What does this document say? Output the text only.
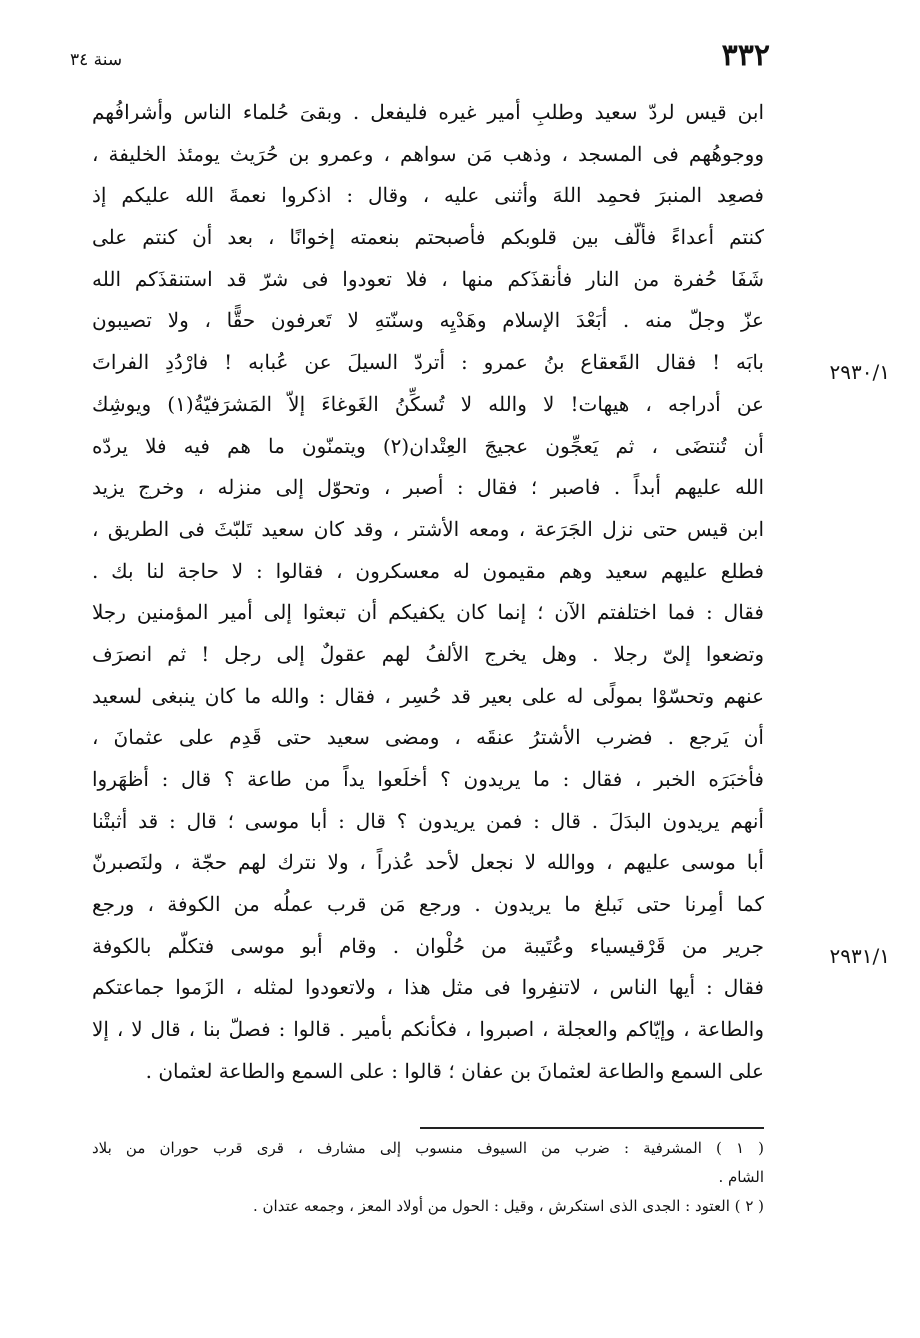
٣٣٢
سنة ٣٤
٢٩٣٠/١
٢٩٣١/١
ابن قيس لردّ سعيد وطلبِ أمير غيره فليفعل . وبقىَ حُلماء الناس وأشرافُهم
ووجوهُهم فى المسجد ، وذهب مَن سواهم ، وعمرو بن حُرَيث يومئذ الخليفة ،
فصعِد المنبرَ فحمِد اللهَ وأثنى عليه ، وقال : اذكروا نعمةَ الله عليكم إذ
كنتم أعداءً فألّف بين قلوبكم فأصبحتم بنعمته إخوانًا ، بعد أن كنتم على
شَفَا حُفرة من النار فأنقذَكم منها ، فلا تعودوا فى شرّ قد استنقذَكم الله
عزّ وجلّ منه . أبَعْدَ الإسلام وهَدْيِه وسنّتهِ لا تَعرفون حقًّا ، ولا تصيبون
بابَه ! فقال القَعقاع بنُ عمرو : أتردّ السيلَ عن عُبابه ! فارْدُدِ الفراتَ
عن أدراجه ، هيهات! لا والله لا تُسكِّنُ الغَوغاءَ إلاّ المَشرَفيّةُ(١) ويوشِك
أن تُنتضَى ، ثم يَعجِّون عجيجَ العِتْدان(٢) ويتمنّون ما هم فيه فلا يردّه
الله عليهم أبداً . فاصبر ؛ فقال : أصبر ، وتحوّل إلى منزله ، وخرج يزيد
ابن قيس حتى نزل الجَرَعة ، ومعه الأشتر ، وقد كان سعيد تَلبّثَ فى الطريق ،
فطلع عليهم سعيد وهم مقيمون له معسكرون ، فقالوا : لا حاجة لنا بك .
فقال : فما اختلفتم الآن ؛ إنما كان يكفيكم أن تبعثوا إلى أمير المؤمنين رجلا
وتضعوا إلىّ رجلا . وهل يخرج الألفُ لهم عقولٌ إلى رجل ! ثم انصرَف
عنهم وتحسّوْا بمولًى له على بعير قد حُسِر ، فقال : والله ما كان ينبغى لسعيد
أن يَرجع . فضرب الأشترُ عنقَه ، ومضى سعيد حتى قَدِم على عثمانَ ،
فأخبَرَه الخبر ، فقال : ما يريدون ؟ أخلَعوا يداً من طاعة ؟ قال : أظهَروا
أنهم يريدون البدَلَ . قال : فمن يريدون ؟ قال : أبا موسى ؛ قال : قد أثبتْنا
أبا موسى عليهم ، ووالله لا نجعل لأحد عُذراً ، ولا نترك لهم حجّة ، ولنَصبرنّ
كما أمِرنا حتى نَبلغ ما يريدون . ورجع مَن قرب عملُه من الكوفة ، ورجع
جرير من قَرْقيسياء وعُتَيبة من حُلْوان . وقام أبو موسى فتكلّم بالكوفة
فقال : أيها الناس ، لاتنفِروا فى مثل هذا ، ولاتعودوا لمثله ، الزَموا جماعتكم
والطاعة ، وإيّاكم والعجلة ، اصبروا ، فكأنكم بأمير . قالوا : فصلّ بنا ، قال لا ، إلا
على السمع والطاعة لعثمانَ بن عفان ؛ قالوا : على السمع والطاعة لعثمان .
( ١ ) المشرفية : ضرب من السيوف منسوب إلى مشارف ، قرى قرب حوران من بلاد
الشام .
( ٢ ) العتود : الجدى الذى استكرش ، وقيل : الحول من أولاد المعز ، وجمعه عتدان .
